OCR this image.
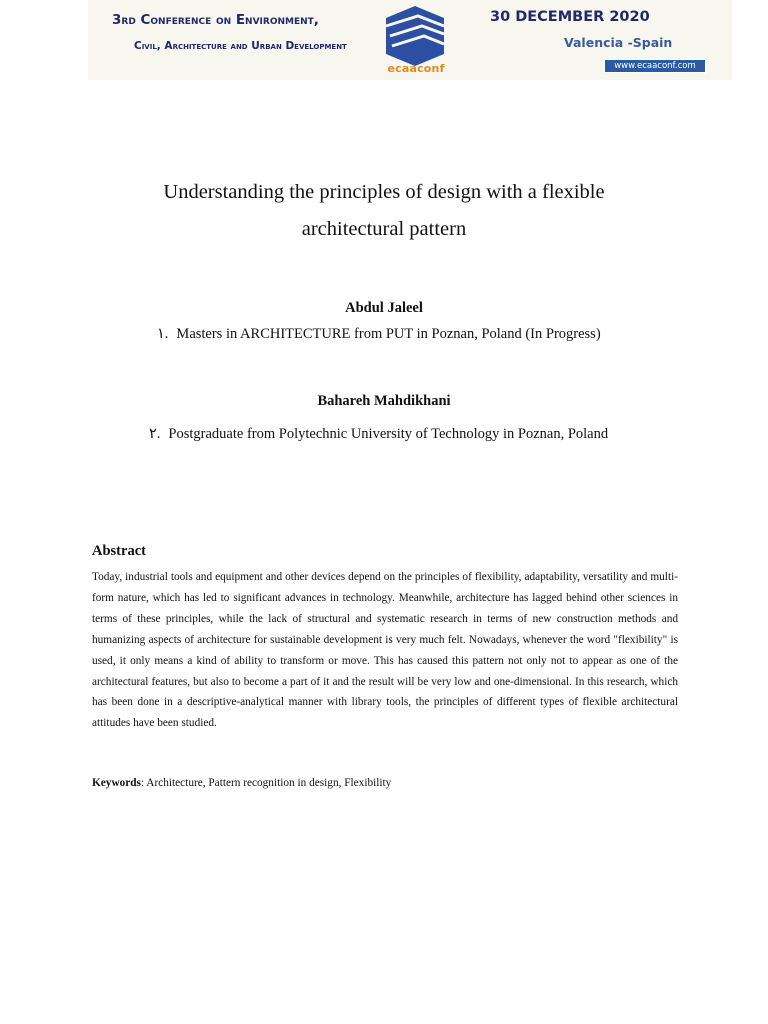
3rd Conference on Environment,
Civil, Architecture and Urban Development
ecaaconf
30 DECEMBER 2020
Valencia -Spain
www.ecaaconf.com
Understanding the principles of design with a flexible
architectural pattern
Abdul Jaleel
١. Masters in ARCHITECTURE from PUT in Poznan, Poland (In Progress)
Bahareh Mahdikhani
٢. Postgraduate from Polytechnic University of Technology in Poznan, Poland
Abstract
Today, industrial tools and equipment and other devices depend on the principles of flexibility, adaptability, versatility and multi-form nature, which has led to significant advances in technology. Meanwhile, architecture has lagged behind other sciences in terms of these principles, while the lack of structural and systematic research in terms of new construction methods and humanizing aspects of architecture for sustainable development is very much felt. Nowadays, whenever the word "flexibility" is used, it only means a kind of ability to transform or move. This has caused this pattern not only not to appear as one of the architectural features, but also to become a part of it and the result will be very low and one-dimensional. In this research, which has been done in a descriptive-analytical manner with library tools, the principles of different types of flexible architectural attitudes have been studied.
Keywords: Architecture, Pattern recognition in design, Flexibility
